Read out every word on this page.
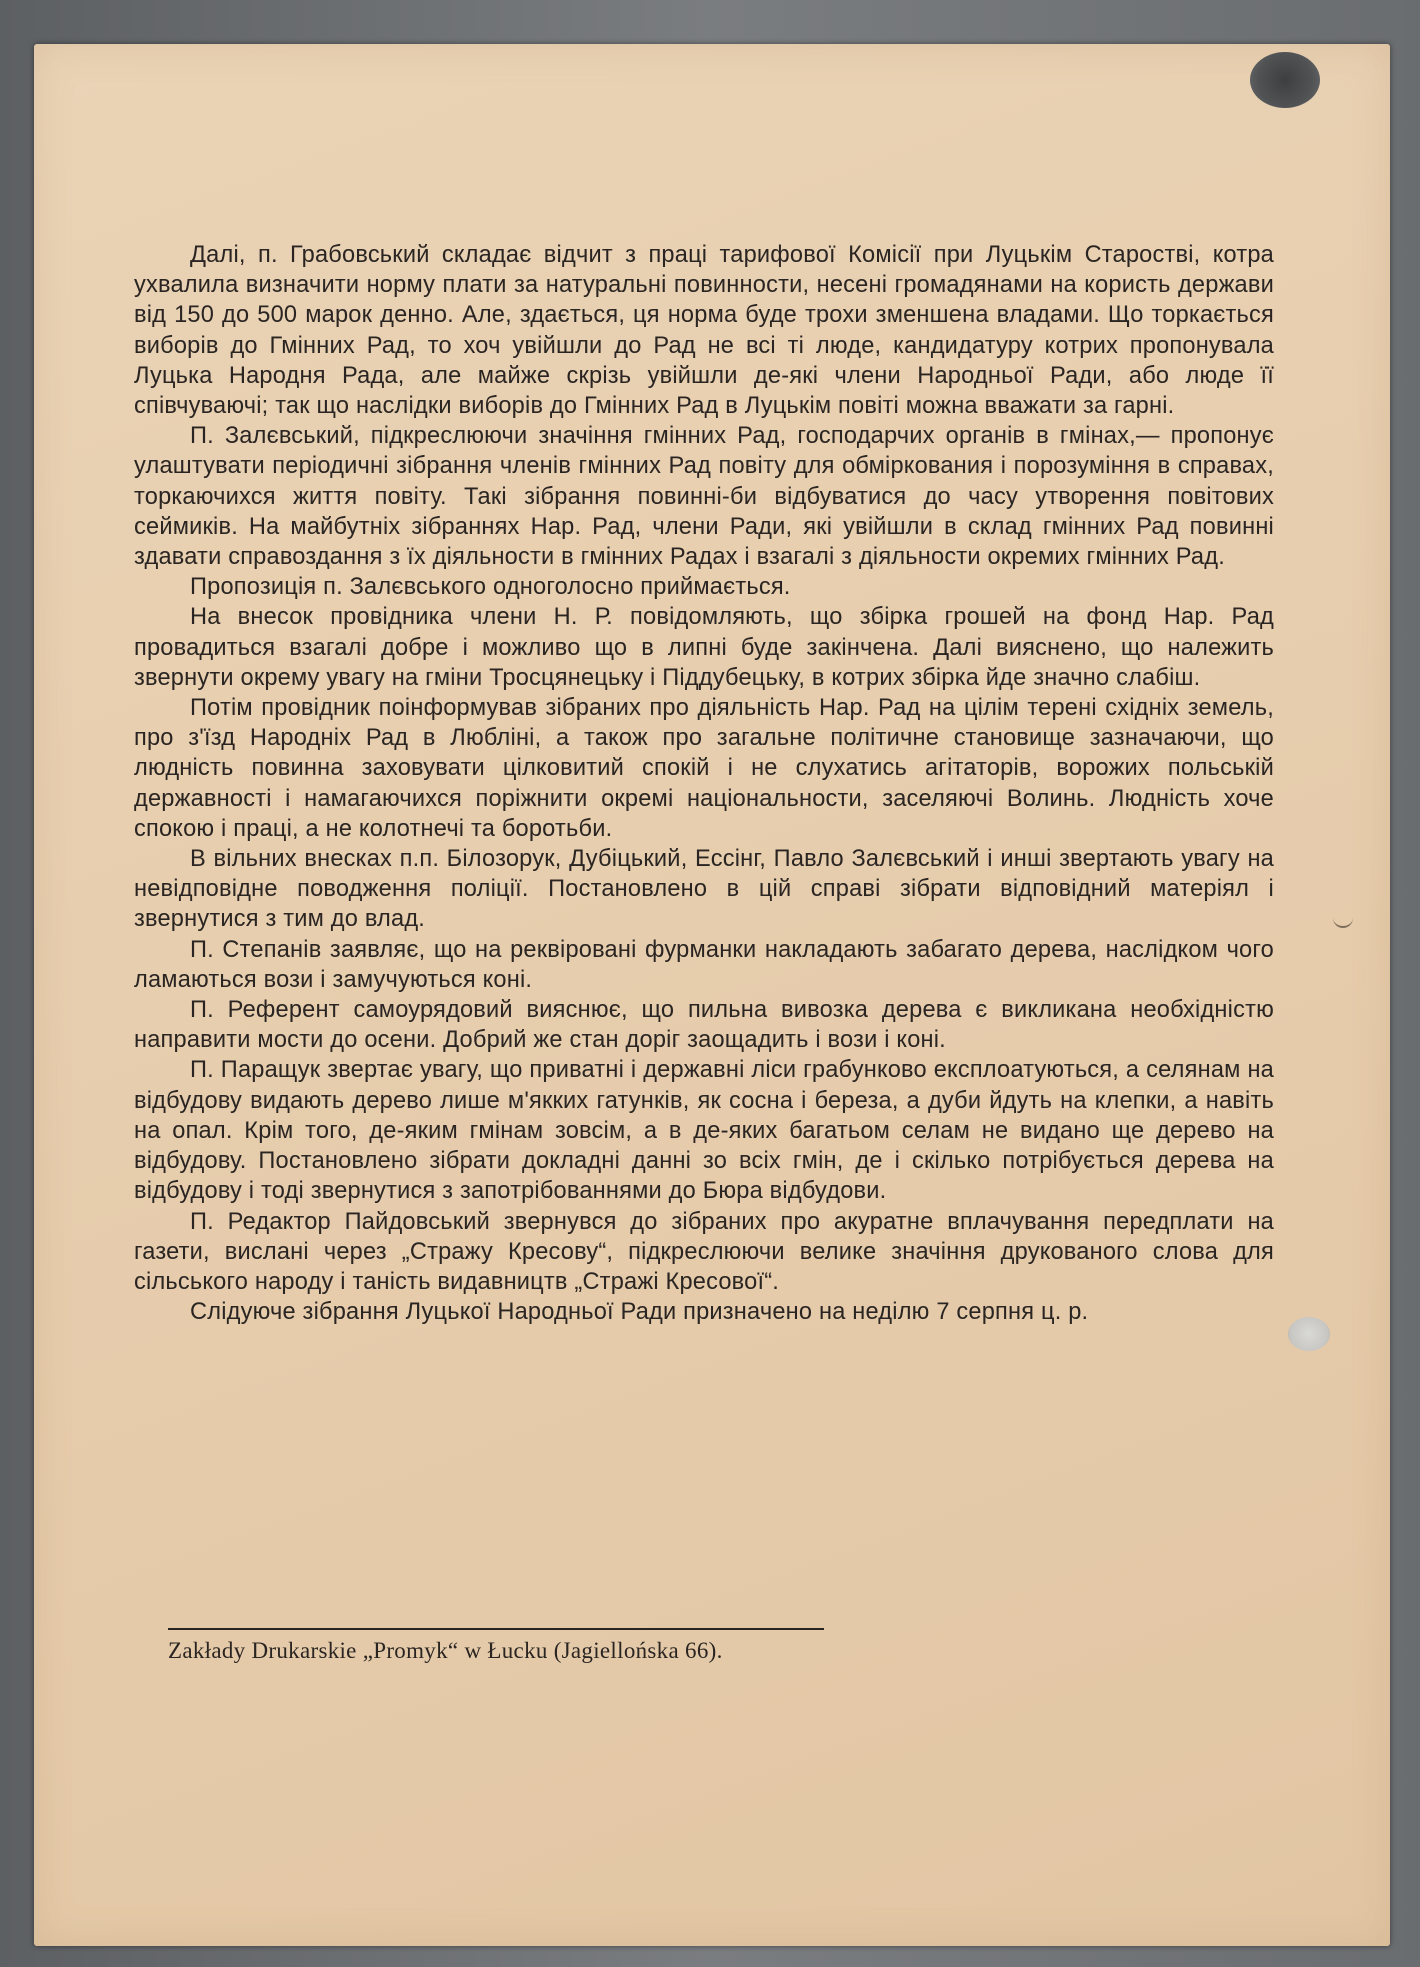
Далі, п. Грабовський складає відчит з праці тарифової Комісії при Луцькім Старостві, котра ухвалила визначити норму плати за натуральні повинности, несені громадянами на користь держави від 150 до 500 марок денно. Але, здається, ця норма буде трохи зменшена владами. Що торкається виборів до Гмінних Рад, то хоч увійшли до Рад не всі ті люде, кандидатуру котрих пропонувала Луцька Народня Рада, але майже скрізь увійшли де-які члени Народньої Ради, або люде її співчуваючі; так що наслідки виборів до Гмінних Рад в Луцькім повіті можна вважати за гарні.

П. Залєвський, підкреслюючи значіння гмінних Рад, господарчих органів в гмінах,— пропонує улаштувати періодичні зібрання членів гмінних Рад повіту для обміркования і порозуміння в справах, торкаючихся життя повіту. Такі зібрання повинні-би відбуватися до часу утворення повітових сеймиків. На майбутніх зібраннях Нар. Рад, члени Ради, які увійшли в склад гмінних Рад повинні здавати справоздання з їх діяльности в гмінних Радах і взагалі з діяльности окремих гмінних Рад.

Пропозиція п. Залєвського одноголосно приймається.

На внесок провідника члени Н. Р. повідомляють, що збірка грошей на фонд Нар. Рад провадиться взагалі добре і можливо що в липні буде закінчена. Далі вияснено, що належить звернути окрему увагу на гміни Тросцянецьку і Піддубецьку, в котрих збірка йде значно слабіш.

Потім провідник поінформував зібраних про діяльність Нар. Рад на цілім терені східніх земель, про з'їзд Народніх Рад в Любліні, а також про загальне політичне становище зазначаючи, що людність повинна заховувати цілковитий спокій і не слухатись агітаторів, ворожих польській державності і намагаючихся поріжнити окремі національности, заселяючі Волинь. Людність хоче спокою і праці, а не колотнечі та боротьби.

В вільних внесках п.п. Білозорук, Дубіцький, Ессінг, Павло Залєвський і инші звертають увагу на невідповідне поводження поліції. Постановлено в цій справі зібрати відповідний матеріял і звернутися з тим до влад.

П. Степанів заявляє, що на реквіровані фурманки накладають забагато дерева, наслідком чого ламаються вози і замучуються коні.

П. Референт самоурядовий вияснює, що пильна вивозка дерева є викликана необхідністю направити мости до осени. Добрий же стан доріг заощадить і вози і коні.

П. Паращук звертає увагу, що приватні і державні ліси грабунково експлоатуються, а селянам на відбудову видають дерево лише м'якких гатунків, як сосна і береза, а дуби йдуть на клепки, а навіть на опал. Крім того, де-яким гмінам зовсім, а в де-яких багатьом селам не видано ще дерево на відбудову. Постановлено зібрати докладні данні зо всіх гмін, де і скілько потрібується дерева на відбудову і тоді звернутися з запотрібованнями до Бюра відбудови.

П. Редактор Пайдовський звернувся до зібраних про акуратне вплачування передплати на газети, вислані через „Стражу Кресову“, підкреслюючи велике значіння друкованого слова для сільського народу і таність видавництв „Стражі Кресової“.

Слідуюче зібрання Луцької Народньої Ради призначено на неділю 7 серпня ц. р.

Zakłady Drukarskie „Promyk“ w Łucku (Jagiellońska 66).
